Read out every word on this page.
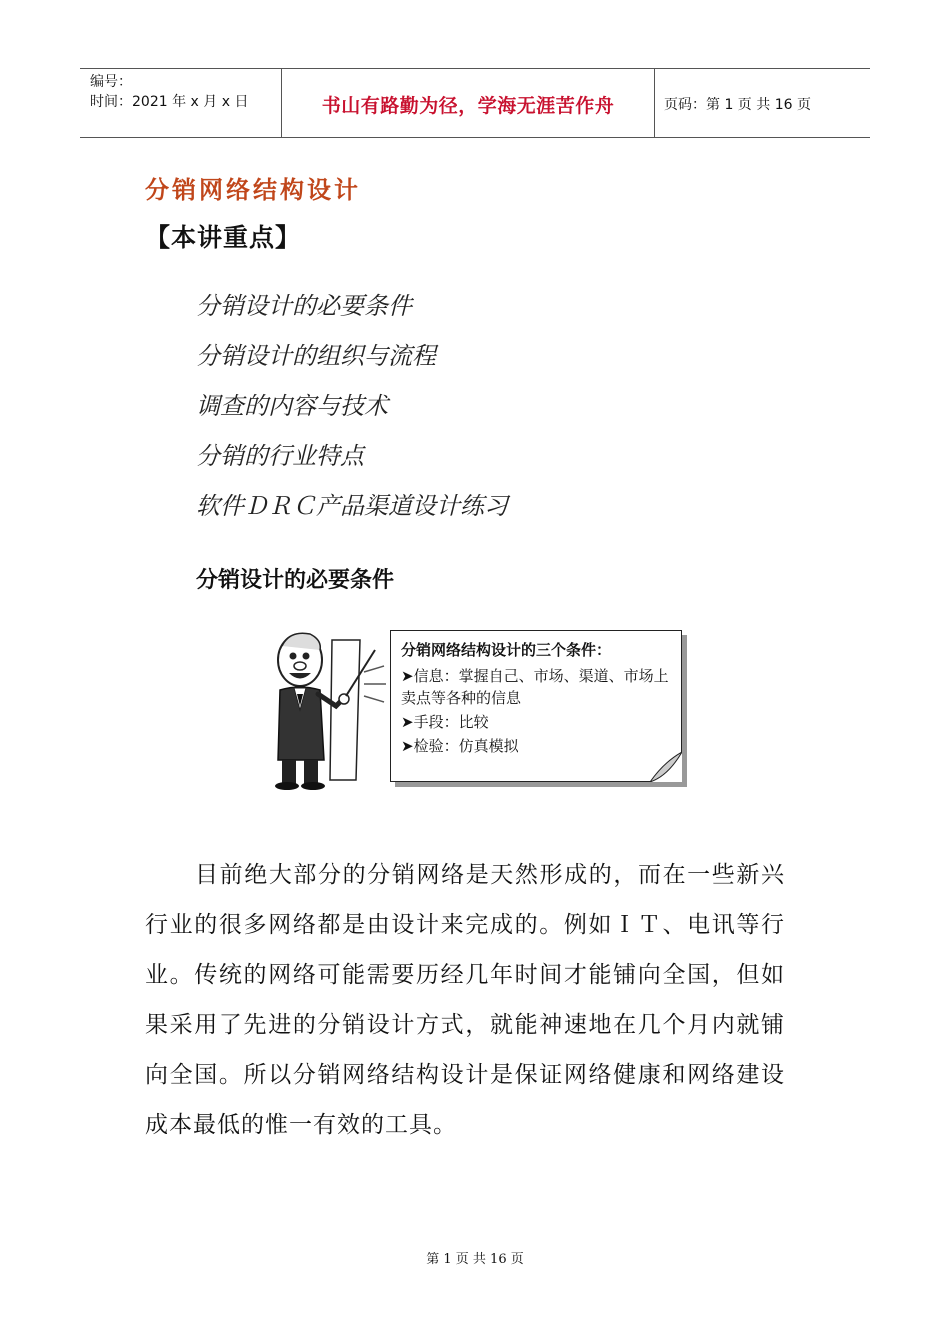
编号：
时间：2021 年 x 月 x 日	书山有路勤为径，学海无涯苦作舟	页码：第 1 页 共 16 页
分销网络结构设计
【本讲重点】
分销设计的必要条件
分销设计的组织与流程
调查的内容与技术
分销的行业特点
软件ＤＲＣ产品渠道设计练习
分销设计的必要条件
分销网络结构设计的三个条件：
➤信息：掌握自己、市场、渠道、市场上卖点等各种的信息
➤手段：比较
➤检验：仿真模拟

目前绝大部分的分销网络是天然形成的，而在一些新兴行业的很多网络都是由设计来完成的。例如ＩＴ、电讯等行业。传统的网络可能需要历经几年时间才能铺向全国，但如果采用了先进的分销设计方式，就能神速地在几个月内就铺向全国。所以分销网络结构设计是保证网络健康和网络建设成本最低的惟一有效的工具。

第 1 页 共 16 页
